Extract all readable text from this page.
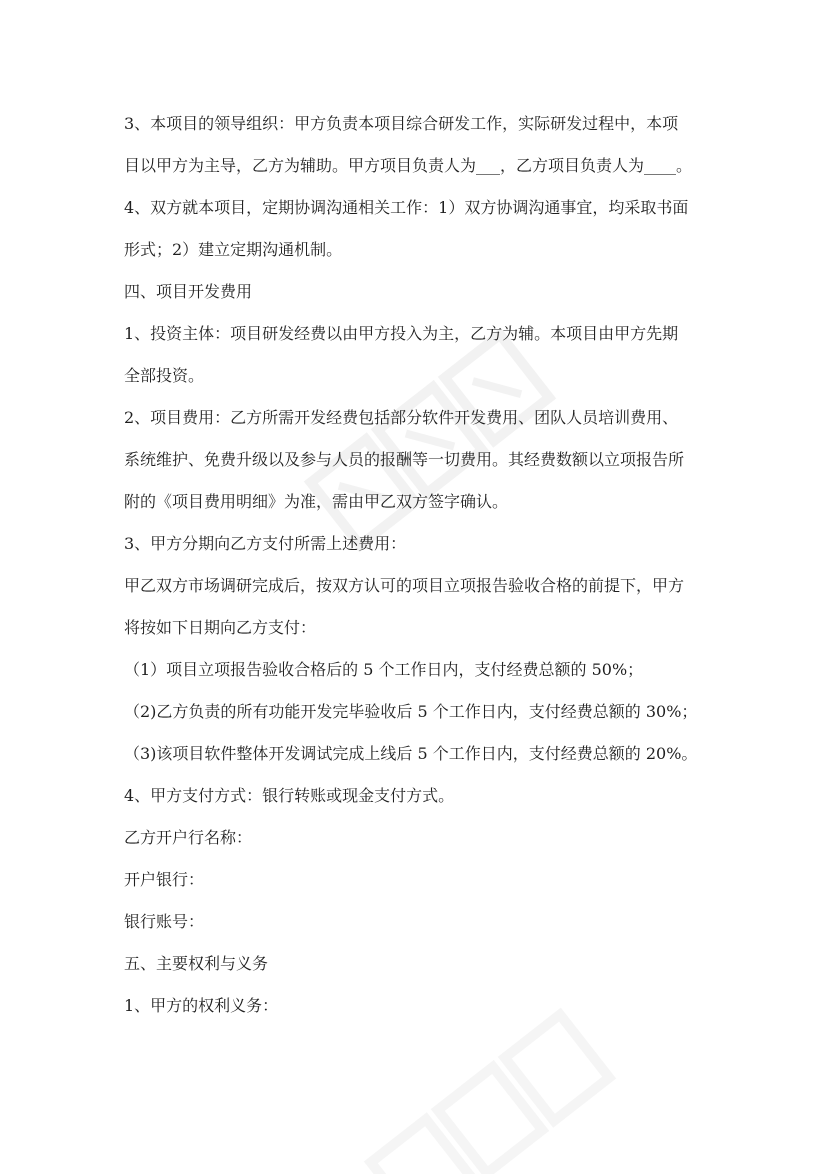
3、本项目的领导组织：甲方负责本项目综合研发工作，实际研发过程中，本项
目以甲方为主导，乙方为辅助。甲方项目负责人为___，乙方项目负责人为____。
4、双方就本项目，定期协调沟通相关工作：1）双方协调沟通事宜，均采取书面
形式；2）建立定期沟通机制。
四、项目开发费用
1、投资主体：项目研发经费以由甲方投入为主，乙方为辅。本项目由甲方先期
全部投资。
2、项目费用：乙方所需开发经费包括部分软件开发费用、团队人员培训费用、
系统维护、免费升级以及参与人员的报酬等一切费用。其经费数额以立项报告所
附的《项目费用明细》为准，需由甲乙双方签字确认。
3、甲方分期向乙方支付所需上述费用：
甲乙双方市场调研完成后，按双方认可的项目立项报告验收合格的前提下，甲方
将按如下日期向乙方支付：
（1）项目立项报告验收合格后的 5 个工作日内，支付经费总额的 50%；
（2)乙方负责的所有功能开发完毕验收后 5 个工作日内，支付经费总额的 30%；
（3)该项目软件整体开发调试完成上线后 5 个工作日内，支付经费总额的 20%。
4、甲方支付方式：银行转账或现金支付方式。
乙方开户行名称：
开户银行：
银行账号：
五、主要权利与义务
1、甲方的权利义务：
